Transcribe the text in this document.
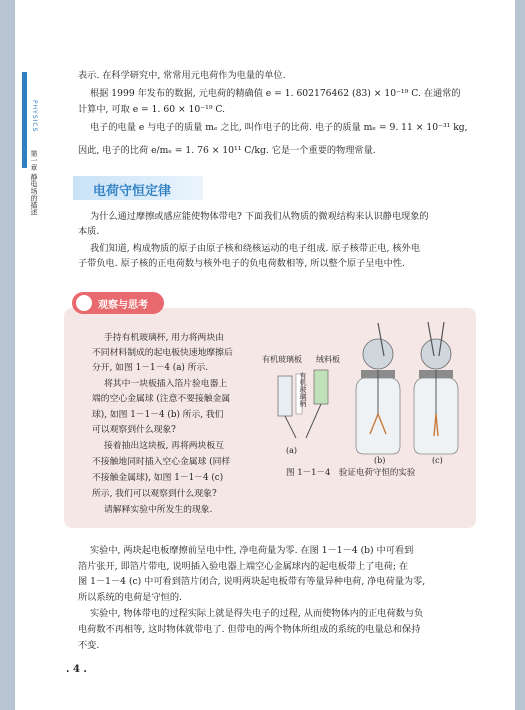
PHYSICS
第一章 静电场的描述

表示. 在科学研究中, 常常用元电荷作为电量的单位.

根据 1999 年发布的数据, 元电荷的精确值 e = 1. 602176462 (83) × 10⁻¹⁹ C. 在通常的

计算中, 可取 e = 1. 60 × 10⁻¹⁹ C.

电子的电量 e 与电子的质量 mₑ 之比, 叫作电子的比荷. 电子的质量 mₑ = 9. 11 × 10⁻³¹ kg,

因此, 电子的比荷 e/mₑ = 1. 76 × 10¹¹ C/kg. 它是一个重要的物理常量.

电荷守恒定律

为什么通过摩擦或感应能使物体带电? 下面我们从物质的微观结构来认识静电现象的

本质.

我们知道, 构成物质的原子由原子核和绕核运动的电子组成. 原子核带正电, 核外电

子带负电. 原子核的正电荷数与核外电子的负电荷数相等, 所以整个原子呈电中性.

观察与思考

手持有机玻璃杯, 用力将两块由

不同材料制成的起电板快速地摩擦后

分开, 如图 1－1－4 (a) 所示.

将其中一块板插入箔片验电器上

端的空心金属球 (注意不要接触金属

球), 如图 1－1－4 (b) 所示, 我们

可以观察到什么现象?

接着抽出这块板, 再将两块板互

不接触地同时插入空心金属球 (同样

不接触金属球), 如图 1－1－4 (c)

所示, 我们可以观察到什么现象?

请解释实验中所发生的现象.

有机玻璃板 绒料板
有机玻璃柄
(a)
(b)	(c)
图 1－1－4　验证电荷守恒的实验

实验中, 两块起电板摩擦前呈电中性, 净电荷量为零. 在图 1－1－4 (b) 中可看到

箔片张开, 即箔片带电, 说明插入验电器上端空心金属球内的起电板带上了电荷; 在

图 1－1－4 (c) 中可看到箔片闭合, 说明两块起电板带有等量异种电荷, 净电荷量为零,

所以系统的电荷是守恒的.

实验中, 物体带电的过程实际上就是得失电子的过程, 从而使物体内的正电荷数与负

电荷数不再相等, 这时物体就带电了. 但带电的两个物体所组成的系统的电量总和保持

不变.

. 4 .
